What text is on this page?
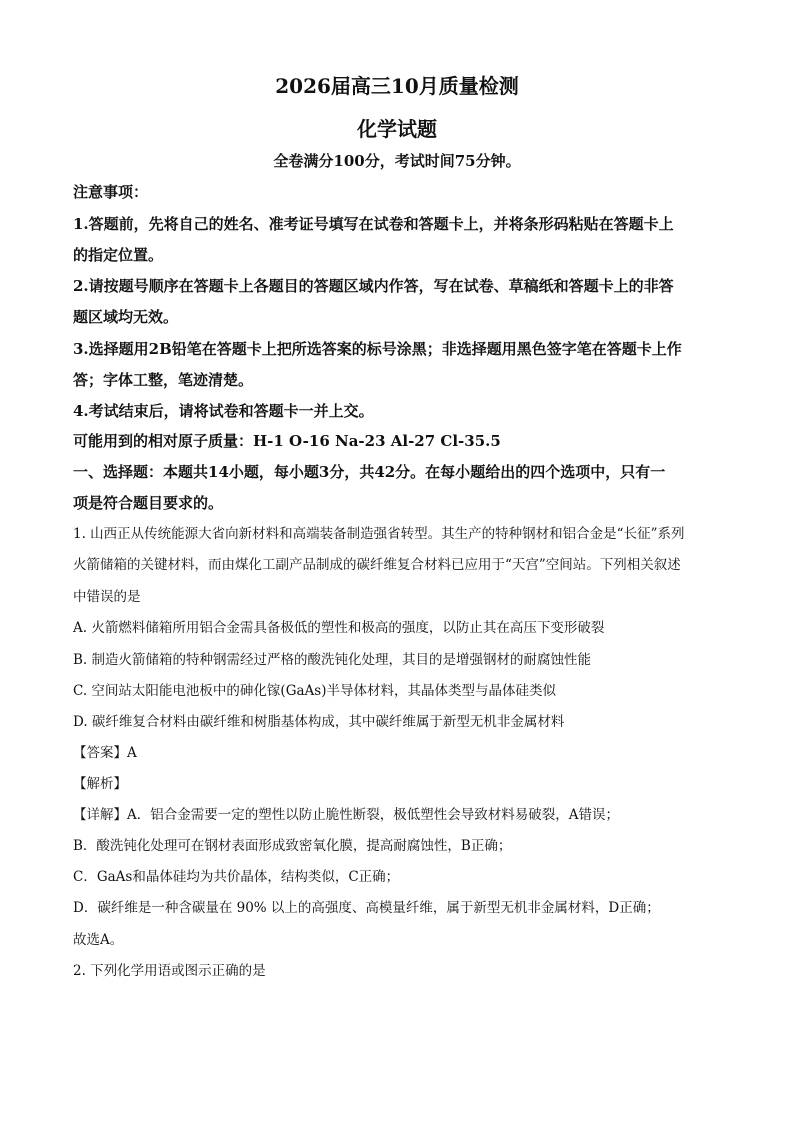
2026届高三10月质量检测
化学试题
全卷满分100分，考试时间75分钟。
注意事项：
1.答题前，先将自己的姓名、准考证号填写在试卷和答题卡上，并将条形码粘贴在答题卡上
的指定位置。
2.请按题号顺序在答题卡上各题目的答题区域内作答，写在试卷、草稿纸和答题卡上的非答
题区域均无效。
3.选择题用2B铅笔在答题卡上把所选答案的标号涂黑；非选择题用黑色签字笔在答题卡上作
答；字体工整，笔迹清楚。
4.考试结束后，请将试卷和答题卡一并上交。
可能用到的相对原子质量：H-1 O-16 Na-23 Al-27 Cl-35.5
一、选择题：本题共14小题，每小题3分，共42分。在每小题给出的四个选项中，只有一
项是符合题目要求的。
1. 山西正从传统能源大省向新材料和高端装备制造强省转型。其生产的特种钢材和铝合金是“长征”系列
火箭储箱的关键材料，而由煤化工副产品制成的碳纤维复合材料已应用于“天宫”空间站。下列相关叙述
中错误的是
A. 火箭燃料储箱所用铝合金需具备极低的塑性和极高的强度，以防止其在高压下变形破裂
B. 制造火箭储箱的特种钢需经过严格的酸洗钝化处理，其目的是增强钢材的耐腐蚀性能
C. 空间站太阳能电池板中的砷化镓(GaAs)半导体材料，其晶体类型与晶体硅类似
D. 碳纤维复合材料由碳纤维和树脂基体构成，其中碳纤维属于新型无机非金属材料
【答案】A
【解析】
【详解】A．铝合金需要一定的塑性以防止脆性断裂，极低塑性会导致材料易破裂，A错误；
B．酸洗钝化处理可在钢材表面形成致密氧化膜，提高耐腐蚀性，B正确；
C．GaAs和晶体硅均为共价晶体，结构类似，C正确；
D．碳纤维是一种含碳量在 90% 以上的高强度、高模量纤维，属于新型无机非金属材料，D正确；
故选A。
2. 下列化学用语或图示正确的是
